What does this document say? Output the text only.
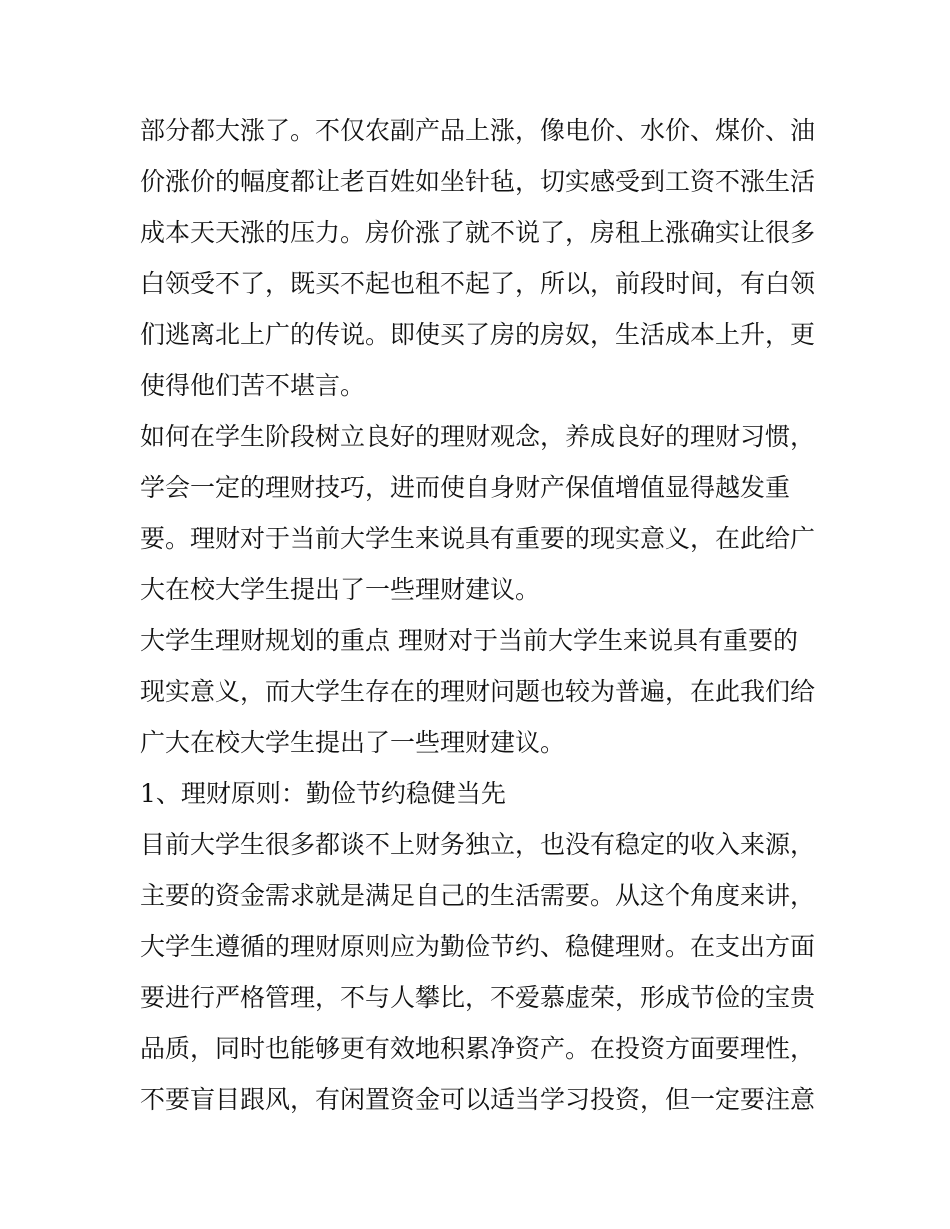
部分都大涨了。不仅农副产品上涨，像电价、水价、煤价、油
价涨价的幅度都让老百姓如坐针毡，切实感受到工资不涨生活
成本天天涨的压力。房价涨了就不说了，房租上涨确实让很多
白领受不了，既买不起也租不起了，所以，前段时间，有白领
们逃离北上广的传说。即使买了房的房奴，生活成本上升，更
使得他们苦不堪言。
如何在学生阶段树立良好的理财观念，养成良好的理财习惯，
学会一定的理财技巧，进而使自身财产保值增值显得越发重
要。理财对于当前大学生来说具有重要的现实意义，在此给广
大在校大学生提出了一些理财建议。
大学生理财规划的重点 理财对于当前大学生来说具有重要的
现实意义，而大学生存在的理财问题也较为普遍，在此我们给
广大在校大学生提出了一些理财建议。
1、理财原则：勤俭节约稳健当先
目前大学生很多都谈不上财务独立，也没有稳定的收入来源，
主要的资金需求就是满足自己的生活需要。从这个角度来讲，
大学生遵循的理财原则应为勤俭节约、稳健理财。在支出方面
要进行严格管理，不与人攀比，不爱慕虚荣，形成节俭的宝贵
品质，同时也能够更有效地积累净资产。在投资方面要理性，
不要盲目跟风，有闲置资金可以适当学习投资，但一定要注意
